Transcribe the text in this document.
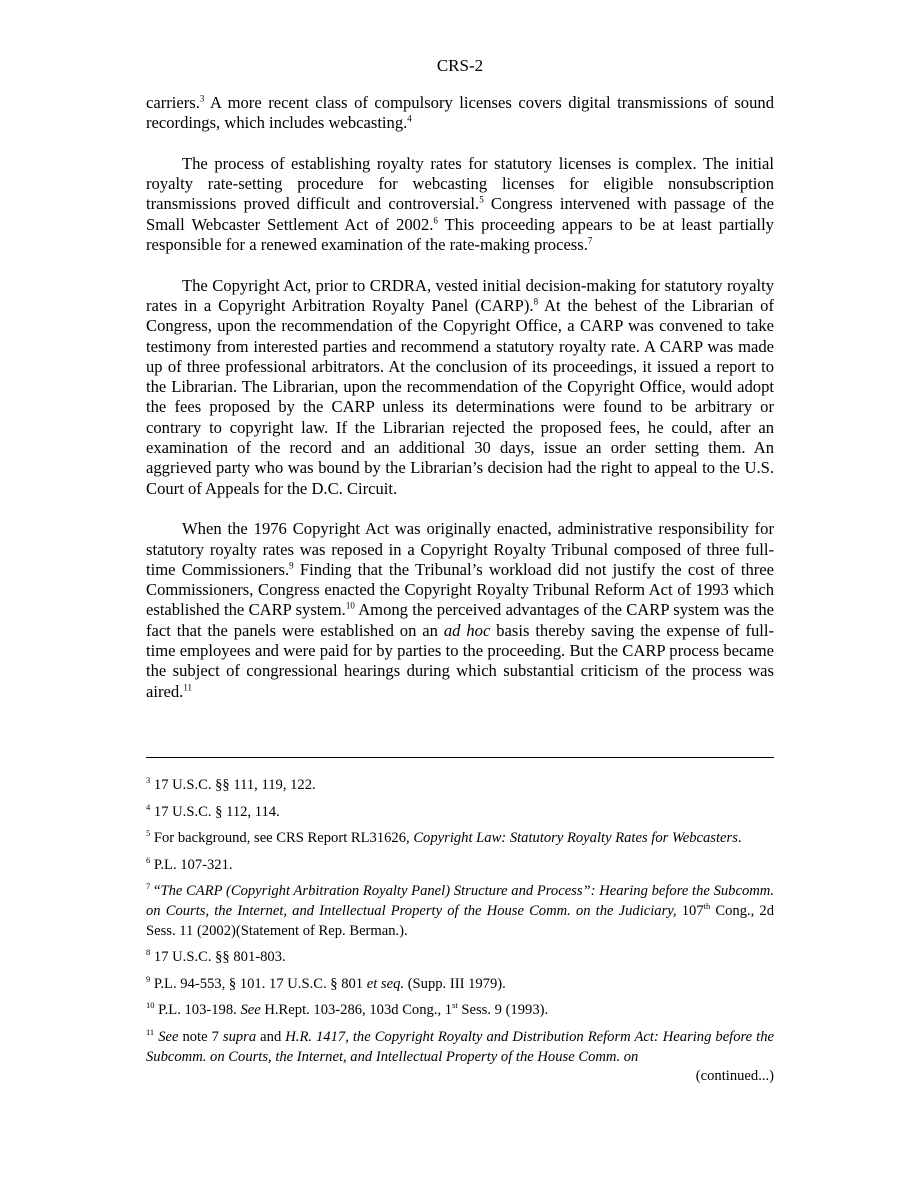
CRS-2

carriers.$^3$ A more recent class of compulsory licenses covers digital transmissions of sound recordings, which includes webcasting.$^4$

The process of establishing royalty rates for statutory licenses is complex. The initial royalty rate-setting procedure for webcasting licenses for eligible nonsubscription transmissions proved difficult and controversial.$^5$ Congress intervened with passage of the Small Webcaster Settlement Act of 2002.$^6$ This proceeding appears to be at least partially responsible for a renewed examination of the rate-making process.$^7$

The Copyright Act, prior to CRDRA, vested initial decision-making for statutory royalty rates in a Copyright Arbitration Royalty Panel (CARP).$^8$ At the behest of the Librarian of Congress, upon the recommendation of the Copyright Office, a CARP was convened to take testimony from interested parties and recommend a statutory royalty rate. A CARP was made up of three professional arbitrators. At the conclusion of its proceedings, it issued a report to the Librarian. The Librarian, upon the recommendation of the Copyright Office, would adopt the fees proposed by the CARP unless its determinations were found to be arbitrary or contrary to copyright law. If the Librarian rejected the proposed fees, he could, after an examination of the record and an additional 30 days, issue an order setting them. An aggrieved party who was bound by the Librarian’s decision had the right to appeal to the U.S. Court of Appeals for the D.C. Circuit.

When the 1976 Copyright Act was originally enacted, administrative responsibility for statutory royalty rates was reposed in a Copyright Royalty Tribunal composed of three full-time Commissioners.$^9$ Finding that the Tribunal’s workload did not justify the cost of three Commissioners, Congress enacted the Copyright Royalty Tribunal Reform Act of 1993 which established the CARP system.$^{10}$ Among the perceived advantages of the CARP system was the fact that the panels were established on an ad hoc basis thereby saving the expense of full-time employees and were paid for by parties to the proceeding. But the CARP process became the subject of congressional hearings during which substantial criticism of the process was aired.$^{11}$

$^3$ 17 U.S.C. §§ 111, 119, 122.

$^4$ 17 U.S.C. § 112, 114.

$^5$ For background, see CRS Report RL31626, Copyright Law: Statutory Royalty Rates for Webcasters.

$^6$ P.L. 107-321.

$^7$ “The CARP (Copyright Arbitration Royalty Panel) Structure and Process”: Hearing before the Subcomm. on Courts, the Internet, and Intellectual Property of the House Comm. on the Judiciary, 107th Cong., 2d Sess. 11 (2002)(Statement of Rep. Berman.).

$^8$ 17 U.S.C. §§ 801-803.

$^9$ P.L. 94-553, § 101. 17 U.S.C. § 801 et seq. (Supp. III 1979).

$^{10}$ P.L. 103-198. See H.Rept. 103-286, 103d Cong., 1st Sess. 9 (1993).

$^{11}$ See note 7 supra and H.R. 1417, the Copyright Royalty and Distribution Reform Act: Hearing before the Subcomm. on Courts, the Internet, and Intellectual Property of the House Comm. on

(continued...)
